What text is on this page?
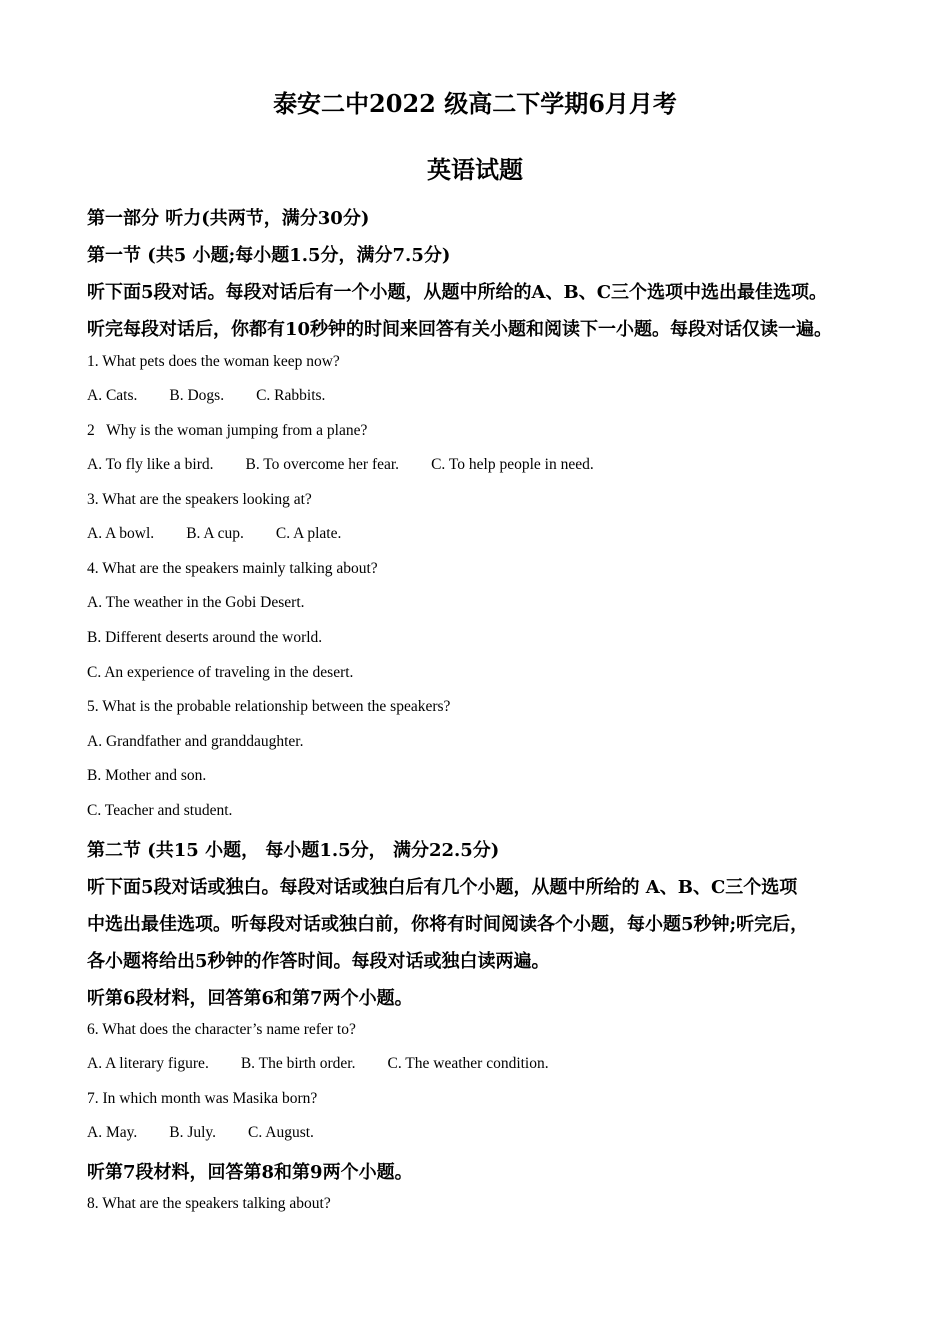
泰安二中2022 级高二下学期6月月考
英语试题
第一部分 听力(共两节，满分30分)
第一节 (共5 小题;每小题1.5分，满分7.5分)
听下面5段对话。每段对话后有一个小题，从题中所给的A、B、C三个选项中选出最佳选项。
听完每段对话后，你都有10秒钟的时间来回答有关小题和阅读下一小题。每段对话仅读一遍。
1. What pets does the woman keep now?
A. Cats. B. Dogs. C. Rabbits.
2   Why is the woman jumping from a plane?
A. To fly like a bird. B. To overcome her fear. C. To help people in need.
3. What are the speakers looking at?
A. A bowl. B. A cup. C. A plate.
4. What are the speakers mainly talking about?
A. The weather in the Gobi Desert.
B. Different deserts around the world.
C. An experience of traveling in the desert.
5. What is the probable relationship between the speakers?
A. Grandfather and granddaughter.
B. Mother and son.
C. Teacher and student.
第二节 (共15 小题， 每小题1.5分， 满分22.5分)
听下面5段对话或独白。每段对话或独白后有几个小题，从题中所给的 A、B、C三个选项
中选出最佳选项。听每段对话或独白前，你将有时间阅读各个小题，每小题5秒钟;听完后，
各小题将给出5秒钟的作答时间。每段对话或独白读两遍。
听第6段材料，回答第6和第7两个小题。
6. What does the character’s name refer to?
A. A literary figure. B. The birth order. C. The weather condition.
7. In which month was Masika born?
A. May. B. July. C. August.
听第7段材料，回答第8和第9两个小题。
8. What are the speakers talking about?
